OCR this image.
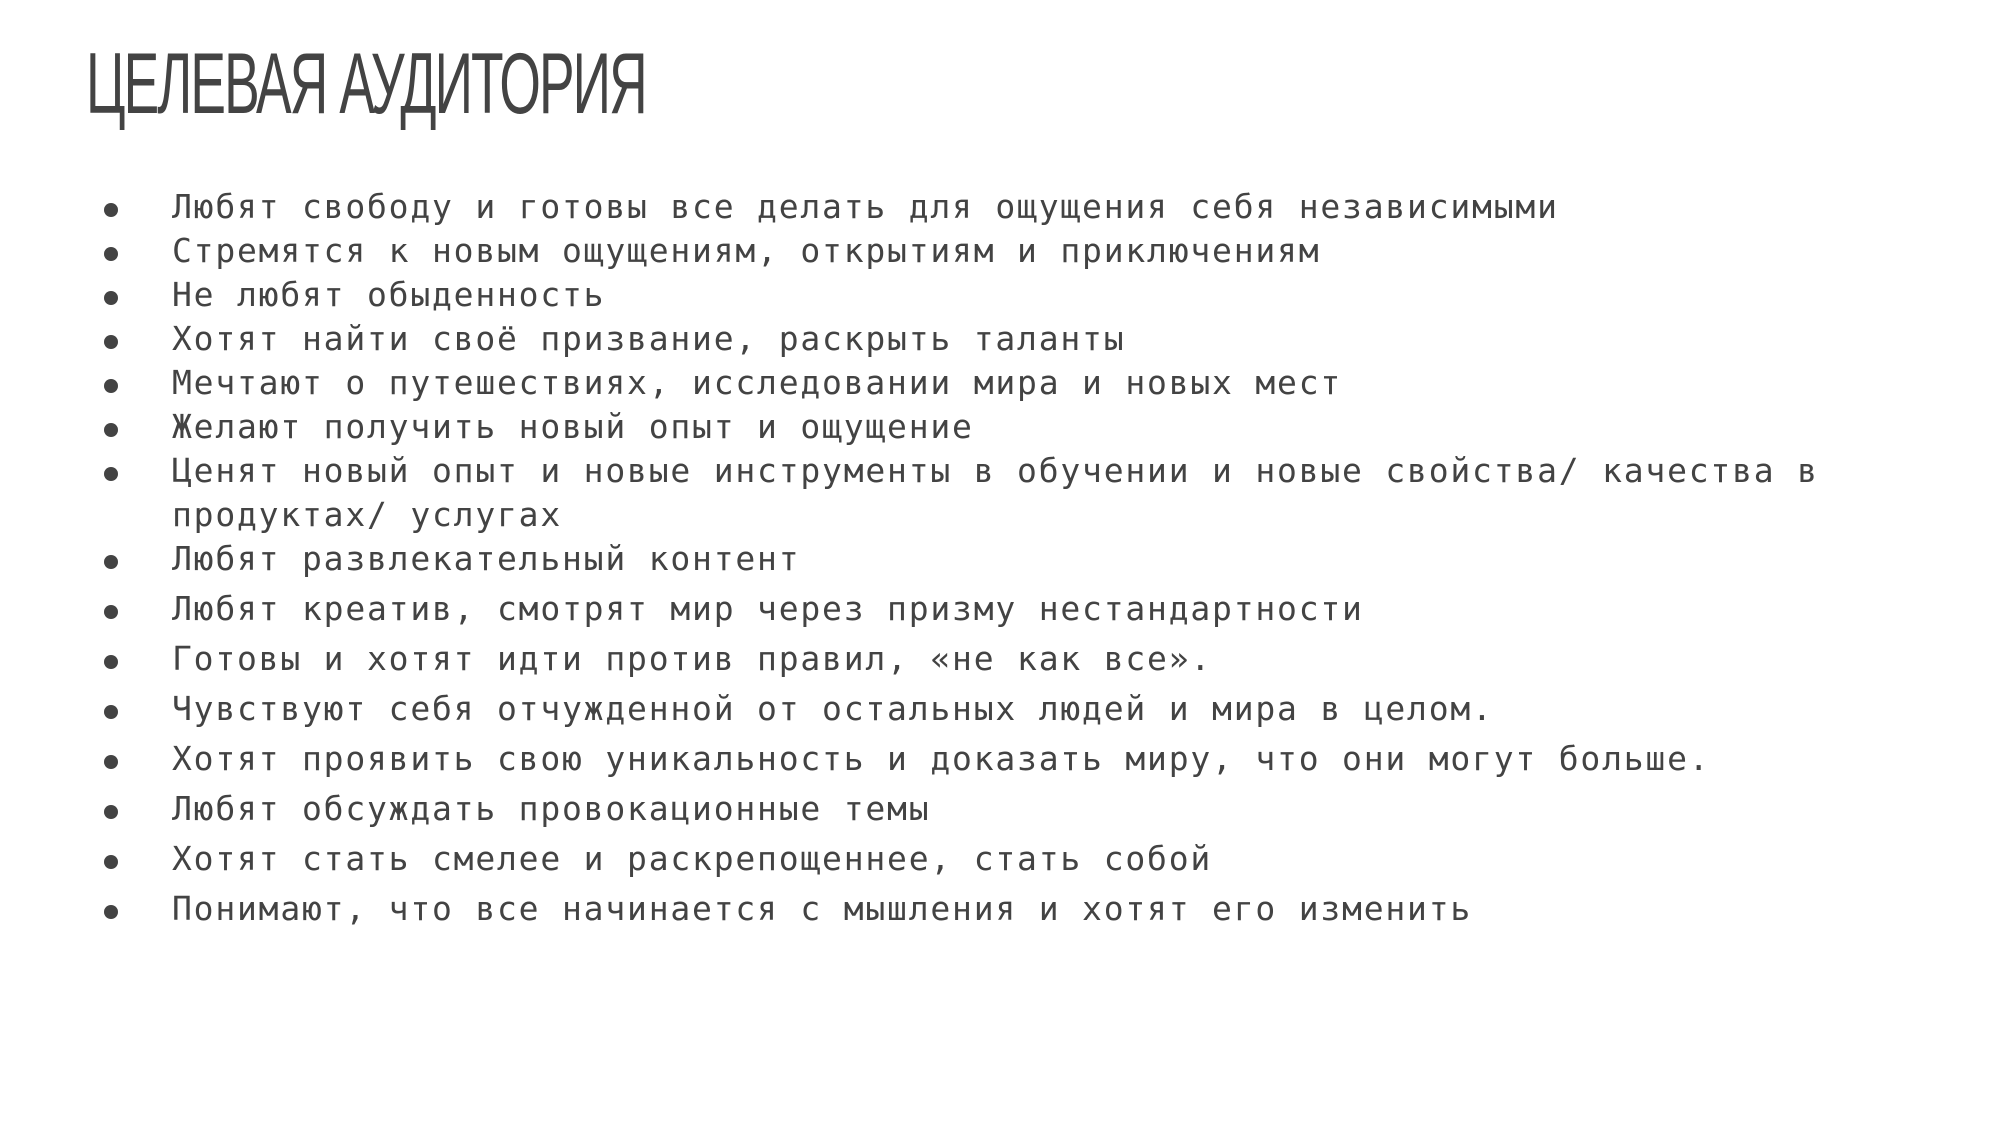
ЦЕЛЕВАЯ АУДИТОРИЯ
Любят свободу и готовы все делать для ощущения себя независимыми
Стремятся к новым ощущениям, открытиям и приключениям
Не любят обыденность
Хотят найти своё призвание, раскрыть таланты
Мечтают о путешествиях, исследовании мира и новых мест
Желают получить новый опыт и ощущение
Ценят новый опыт и новые инструменты в обучении и новые свойства/ качества в продуктах/ услугах
Любят развлекательный контент
Любят креатив, смотрят мир через призму нестандартности
Готовы и хотят идти против правил, «не как все».
Чувствуют себя отчужденной от остальных людей и мира в целом.
Хотят проявить свою уникальность и доказать миру, что они могут больше.
Любят обсуждать провокационные темы
Хотят стать смелее и раскрепощеннее, стать собой
Понимают, что все начинается с мышления и хотят его изменить
